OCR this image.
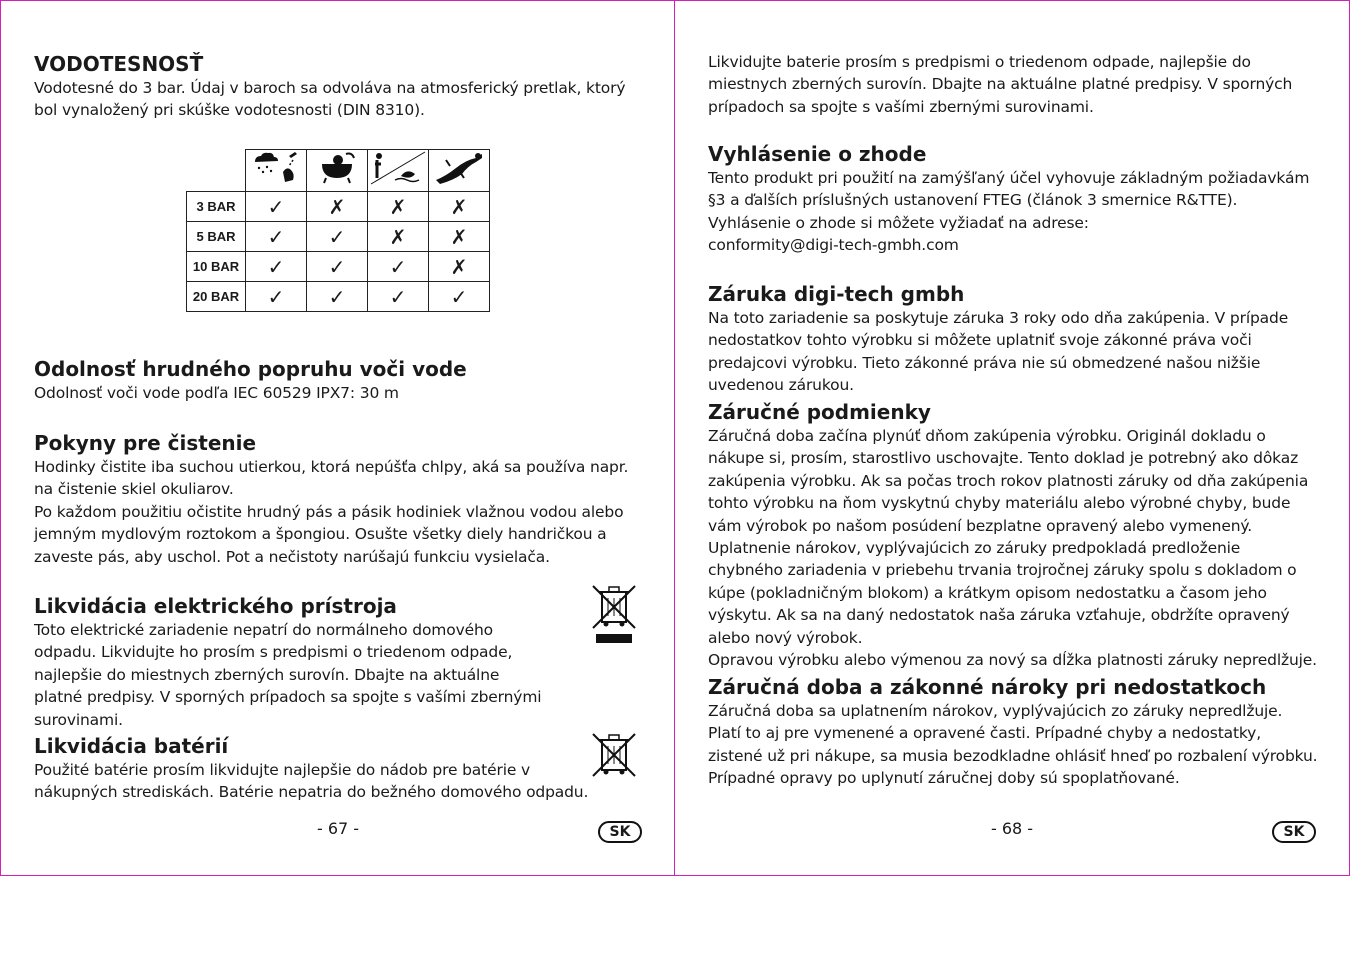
VODOTESNOSŤ

Vodotesné do 3 bar. Údaj v baroch sa odvoláva na atmosferický pretlak, ktorý bol vynaložený pri skúške vodotesnosti (DIN 8310).

3 BAR	✓	✗	✗	✗
5 BAR	✓	✓	✗	✗
10 BAR	✓	✓	✓	✗
20 BAR	✓	✓	✓	✓
Odolnosť hrudného popruhu voči vode

Odolnosť voči vode podľa IEC 60529 IPX7: 30 m

Pokyny pre čistenie

Hodinky čistite iba suchou utierkou, ktorá nepúšťa chlpy, aká sa používa napr. na čistenie skiel okuliarov.

Po každom použitiu očistite hrudný pás a pásik hodiniek vlažnou vodou alebo jemným mydlovým roztokom a špongiou. Osušte všetky diely handričkou a zaveste pás, aby uschol. Pot a nečistoty narúšajú funkciu vysielača.

Likvidácia elektrického prístroja

Toto elektrické zariadenie nepatrí do normálneho domového odpadu. Likvidujte ho prosím s predpismi o triedenom odpade, najlepšie do miestnych zberných surovín. Dbajte na aktuálne platné predpisy. V sporných prípadoch sa spojte s vašími zbernými surovinami.

Likvidácia batérií

Použité batérie prosím likvidujte najlepšie do nádob pre batérie v nákupných strediskách. Batérie nepatria do bežného domového odpadu.

- 67 -	SK

Likvidujte baterie prosím s predpismi o triedenom odpade, najlepšie do miestnych zberných surovín. Dbajte na aktuálne platné predpisy. V sporných prípadoch sa spojte s vašími zbernými surovinami.

Vyhlásenie o zhode

Tento produkt pri použití na zamýšľaný účel vyhovuje základným požiadavkám §3 a ďalších príslušných ustanovení FTEG (článok 3 smernice R&TTE). Vyhlásenie o zhode si môžete vyžiadať na adrese:

conformity@digi-tech-gmbh.com

Záruka digi-tech gmbh

Na toto zariadenie sa poskytuje záruka 3 roky odo dňa zakúpenia. V prípade nedostatkov tohto výrobku si môžete uplatniť svoje zákonné práva voči predajcovi výrobku. Tieto zákonné práva nie sú obmedzené našou nižšie uvedenou zárukou.

Záručné podmienky

Záručná doba začína plynúť dňom zakúpenia výrobku. Originál dokladu o nákupe si, prosím, starostlivo uschovajte. Tento doklad je potrebný ako dôkaz zakúpenia výrobku. Ak sa počas troch rokov platnosti záruky od dňa zakúpenia tohto výrobku na ňom vyskytnú chyby materiálu alebo výrobné chyby, bude vám výrobok po našom posúdení bezplatne opravený alebo vymenený. Uplatnenie nárokov, vyplývajúcich zo záruky predpokladá predloženie chybného zariadenia v priebehu trvania trojročnej záruky spolu s dokladom o kúpe (pokladničným blokom) a krátkym opisom nedostatku a časom jeho výskytu. Ak sa na daný nedostatok naša záruka vzťahuje, obdržíte opravený alebo nový výrobok.

Opravou výrobku alebo výmenou za nový sa dĺžka platnosti záruky nepredlžuje.

Záručná doba a zákonné nároky pri nedostatkoch

Záručná doba sa uplatnením nárokov, vyplývajúcich zo záruky nepredlžuje. Platí to aj pre vymenené a opravené časti. Prípadné chyby a nedostatky, zistené už pri nákupe, sa musia bezodkladne ohlásiť hneď po rozbalení výrobku. Prípadné opravy po uplynutí záručnej doby sú spoplatňované.

- 68 -	SK
